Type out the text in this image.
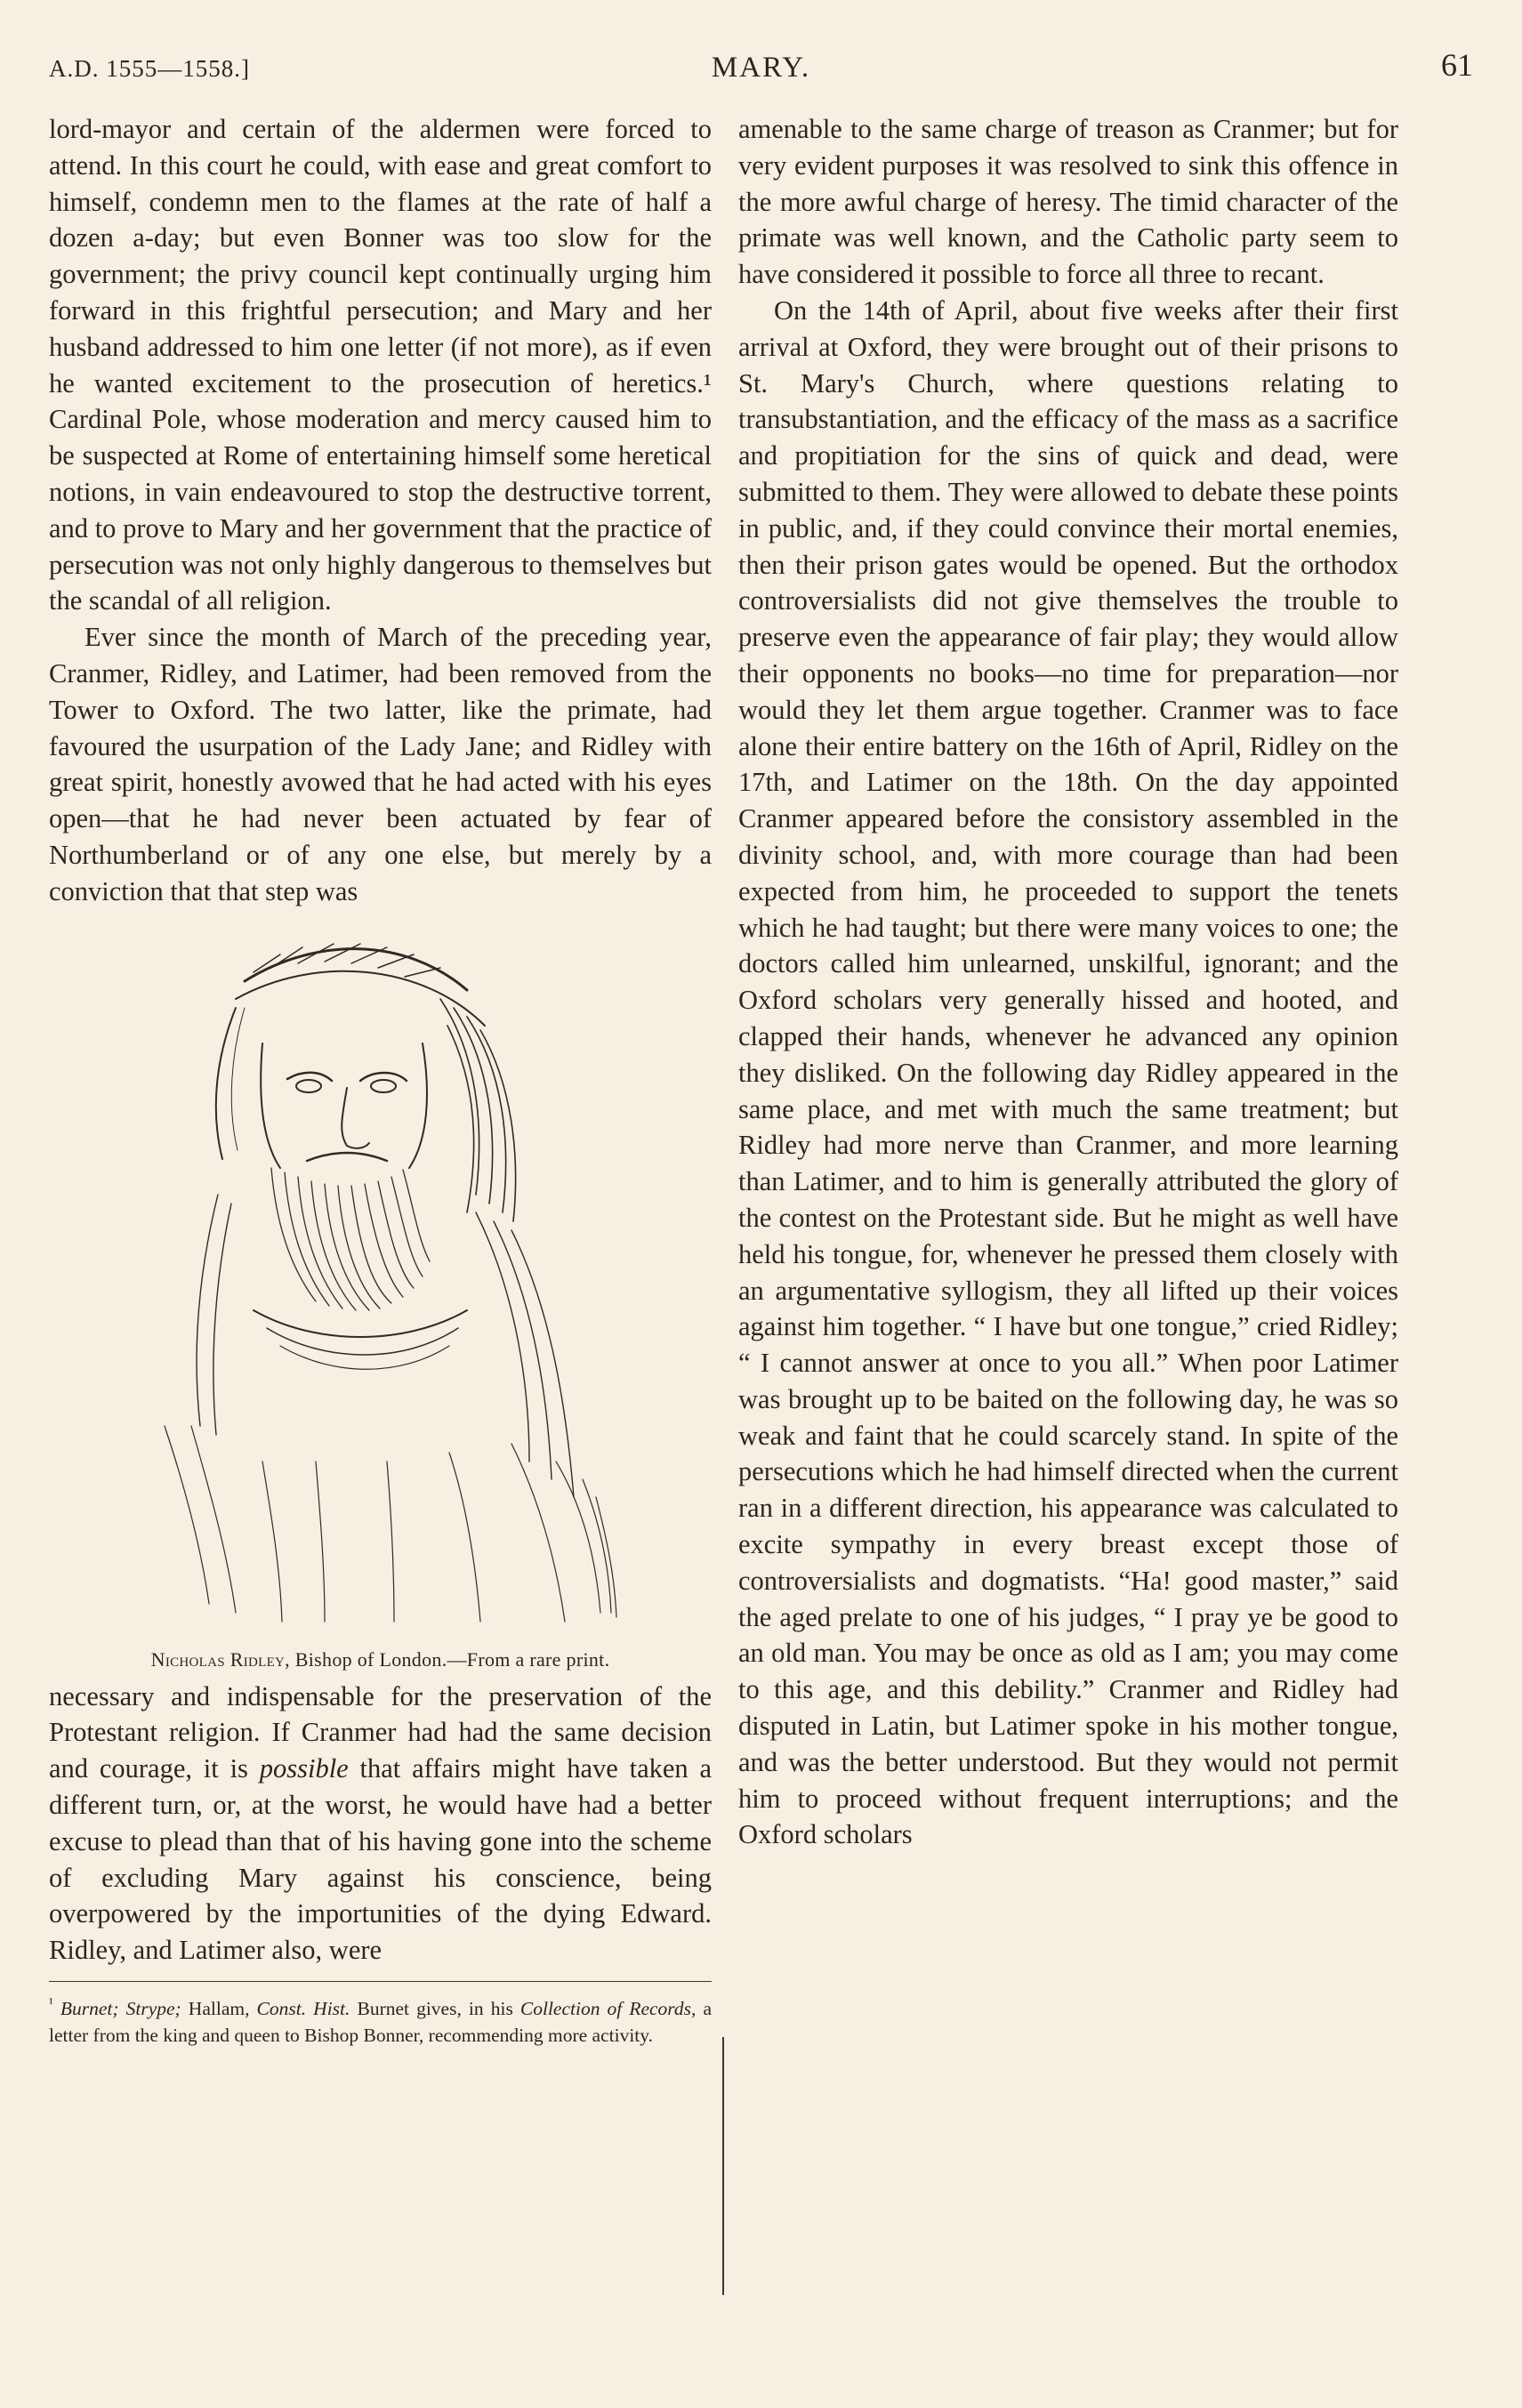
A.D. 1555—1558.]	MARY.	61

lord-mayor and certain of the aldermen were forced to attend. In this court he could, with ease and great comfort to himself, condemn men to the flames at the rate of half a dozen a-day; but even Bonner was too slow for the government; the privy council kept continually urging him forward in this frightful persecution; and Mary and her husband addressed to him one letter (if not more), as if even he wanted excitement to the prosecution of heretics.¹ Cardinal Pole, whose moderation and mercy caused him to be suspected at Rome of entertaining himself some heretical notions, in vain endeavoured to stop the destructive torrent, and to prove to Mary and her government that the practice of persecution was not only highly dangerous to themselves but the scandal of all religion.

Ever since the month of March of the preceding year, Cranmer, Ridley, and Latimer, had been removed from the Tower to Oxford. The two latter, like the primate, had favoured the usurpation of the Lady Jane; and Ridley with great spirit, honestly avowed that he had acted with his eyes open—that he had never been actuated by fear of Northumberland or of any one else, but merely by a conviction that that step was

Nicholas Ridley, Bishop of London.—From a rare print.

necessary and indispensable for the preservation of the Protestant religion. If Cranmer had had the same decision and courage, it is possible that affairs might have taken a different turn, or, at the worst, he would have had a better excuse to plead than that of his having gone into the scheme of excluding Mary against his conscience, being overpowered by the importunities of the dying Edward. Ridley, and Latimer also, were

$^{^1}$ Burnet; Strype; Hallam, Const. Hist. Burnet gives, in his Collection of Records, a letter from the king and queen to Bishop Bonner, recommending more activity.

amenable to the same charge of treason as Cranmer; but for very evident purposes it was resolved to sink this offence in the more awful charge of heresy. The timid character of the primate was well known, and the Catholic party seem to have considered it possible to force all three to recant.

On the 14th of April, about five weeks after their first arrival at Oxford, they were brought out of their prisons to St. Mary's Church, where questions relating to transubstantiation, and the efficacy of the mass as a sacrifice and propitiation for the sins of quick and dead, were submitted to them. They were allowed to debate these points in public, and, if they could convince their mortal enemies, then their prison gates would be opened. But the orthodox controversialists did not give themselves the trouble to preserve even the appearance of fair play; they would allow their opponents no books—no time for preparation—nor would they let them argue together. Cranmer was to face alone their entire battery on the 16th of April, Ridley on the 17th, and Latimer on the 18th. On the day appointed Cranmer appeared before the consistory assembled in the divinity school, and, with more courage than had been expected from him, he proceeded to support the tenets which he had taught; but there were many voices to one; the doctors called him unlearned, unskilful, ignorant; and the Oxford scholars very generally hissed and hooted, and clapped their hands, whenever he advanced any opinion they disliked. On the following day Ridley appeared in the same place, and met with much the same treatment; but Ridley had more nerve than Cranmer, and more learning than Latimer, and to him is generally attributed the glory of the contest on the Protestant side. But he might as well have held his tongue, for, whenever he pressed them closely with an argumentative syllogism, they all lifted up their voices against him together. “ I have but one tongue,” cried Ridley; “ I cannot answer at once to you all.” When poor Latimer was brought up to be baited on the following day, he was so weak and faint that he could scarcely stand. In spite of the persecutions which he had himself directed when the current ran in a different direction, his appearance was calculated to excite sympathy in every breast except those of controversialists and dogmatists. “Ha! good master,” said the aged prelate to one of his judges, “ I pray ye be good to an old man. You may be once as old as I am; you may come to this age, and this debility.” Cranmer and Ridley had disputed in Latin, but Latimer spoke in his mother tongue, and was the better understood. But they would not permit him to proceed without frequent interruptions; and the Oxford scholars
